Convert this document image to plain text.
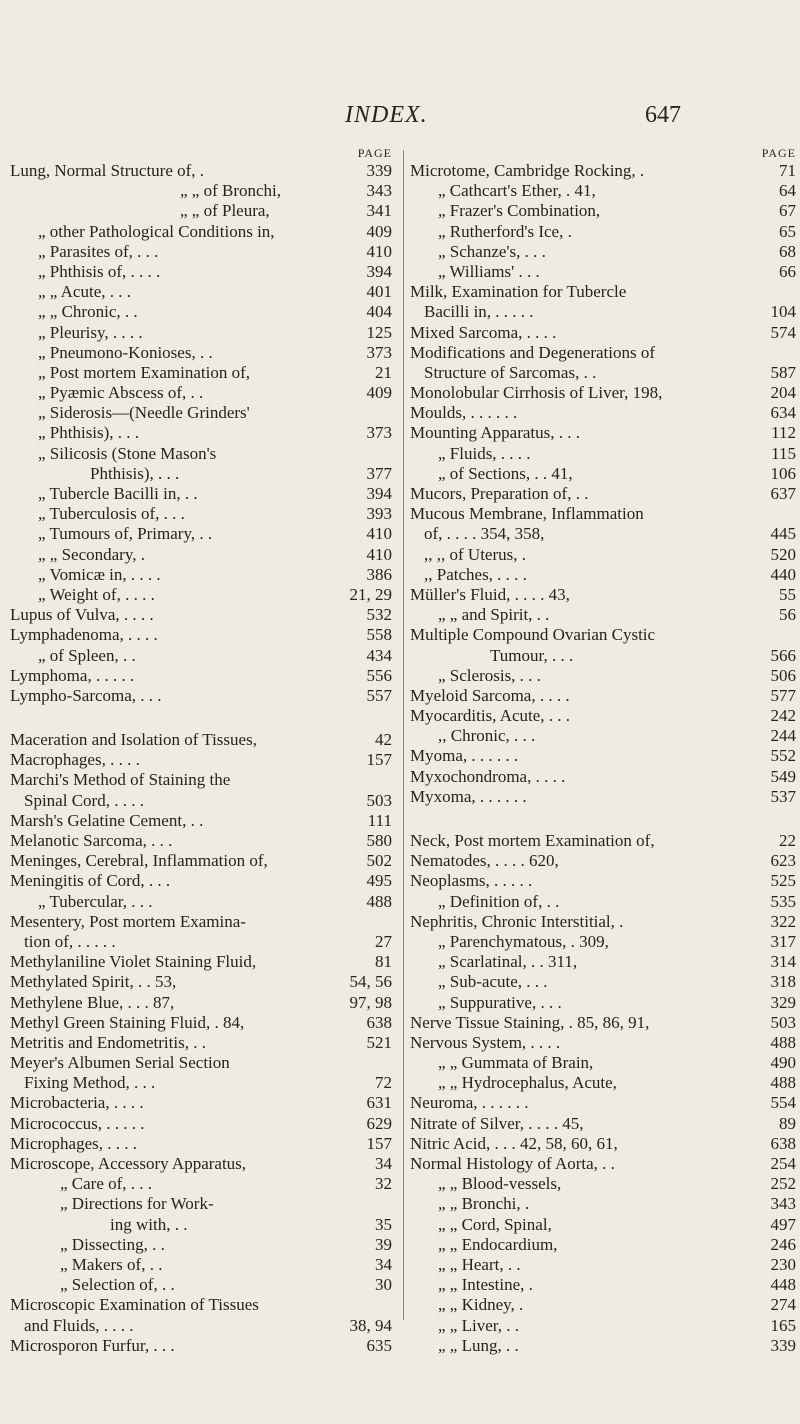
INDEX.	647
PAGE
Lung, Normal Structure of, .	339
„ „ of Bronchi,	343
„ „ of Pleura,	341
„ other Pathological Conditions in,	409
„ Parasites of, . . .	410
„ Phthisis of, . . . .	394
„ „ Acute, . . .	401
„ „ Chronic, . .	404
„ Pleurisy, . . . .	125
„ Pneumono-Konioses, . .	373
„ Post mortem Examination of,	21
„ Pyæmic Abscess of, . .	409
„ Siderosis—(Needle Grinders'
„ Phthisis), . . .	373
„ Silicosis (Stone Mason's
Phthisis), . . .	377
„ Tubercle Bacilli in, . .	394
„ Tuberculosis of, . . .	393
„ Tumours of, Primary, . .	410
„ „ Secondary, .	410
„ Vomicæ in, . . . .	386
„ Weight of, . . . .	21, 29
Lupus of Vulva, . . . .	532
Lymphadenoma, . . . .	558
„ of Spleen, . .	434
Lymphoma, . . . . .	556
Lympho-Sarcoma, . . .	557
Maceration and Isolation of Tissues,	42
Macrophages, . . . .	157
Marchi's Method of Staining the
Spinal Cord, . . . .	503
Marsh's Gelatine Cement, . .	111
Melanotic Sarcoma, . . .	580
Meninges, Cerebral, Inflammation of,	502
Meningitis of Cord, . . .	495
„ Tubercular, . . .	488
Mesentery, Post mortem Examina-
tion of, . . . . .	27
Methylaniline Violet Staining Fluid,	81
Methylated Spirit, . . 53,	54, 56
Methylene Blue, . . . 87,	97, 98
Methyl Green Staining Fluid, . 84,	638
Metritis and Endometritis, . .	521
Meyer's Albumen Serial Section
Fixing Method, . . .	72
Microbacteria, . . . .	631
Micrococcus, . . . . .	629
Microphages, . . . .	157
Microscope, Accessory Apparatus,	34
„ Care of, . . .	32
„ Directions for Work-
ing with, . .	35
„ Dissecting, . .	39
„ Makers of, . .	34
„ Selection of, . .	30
Microscopic Examination of Tissues
and Fluids, . . . .	38, 94
Microsporon Furfur, . . .	635
PAGE
Microtome, Cambridge Rocking, .	71
„ Cathcart's Ether, . 41,	64
„ Frazer's Combination,	67
„ Rutherford's Ice, .	65
„ Schanze's, . . .	68
„ Williams' . . .	66
Milk, Examination for Tubercle
Bacilli in, . . . . .	104
Mixed Sarcoma, . . . .	574
Modifications and Degenerations of
Structure of Sarcomas, . .	587
Monolobular Cirrhosis of Liver, 198,	204
Moulds, . . . . . .	634
Mounting Apparatus, . . .	112
„ Fluids, . . . .	115
„ of Sections, . . 41,	106
Mucors, Preparation of, . .	637
Mucous Membrane, Inflammation
of, . . . . 354, 358,	445
,, ,, of Uterus, .	520
,, Patches, . . . .	440
Müller's Fluid, . . . . 43,	55
„ „ and Spirit, . .	56
Multiple Compound Ovarian Cystic
Tumour, . . .	566
„ Sclerosis, . . .	506
Myeloid Sarcoma, . . . .	577
Myocarditis, Acute, . . .	242
,, Chronic, . . .	244
Myoma, . . . . . .	552
Myxochondroma, . . . .	549
Myxoma, . . . . . .	537
Neck, Post mortem Examination of,	22
Nematodes, . . . . 620,	623
Neoplasms, . . . . .	525
„ Definition of, . .	535
Nephritis, Chronic Interstitial, .	322
„ Parenchymatous, . 309,	317
„ Scarlatinal, . . 311,	314
„ Sub-acute, . . .	318
„ Suppurative, . . .	329
Nerve Tissue Staining, . 85, 86, 91,	503
Nervous System, . . . .	488
„ „ Gummata of Brain,	490
„ „ Hydrocephalus, Acute,	488
Neuroma, . . . . . .	554
Nitrate of Silver, . . . . 45,	89
Nitric Acid, . . . 42, 58, 60, 61,	638
Normal Histology of Aorta, . .	254
„ „ Blood-vessels,	252
„ „ Bronchi, .	343
„ „ Cord, Spinal,	497
„ „ Endocardium,	246
„ „ Heart, . .	230
„ „ Intestine, .	448
„ „ Kidney, .	274
„ „ Liver, . .	165
„ „ Lung, . .	339
